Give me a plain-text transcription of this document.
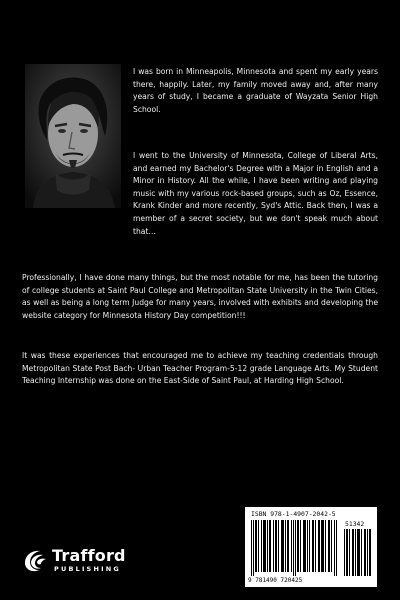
I was born in Minneapolis, Minnesota and spent my early years there, happily. Later, my family moved away and, after many years of study, I became a graduate of Wayzata Senior High School.

I went to the University of Minnesota, College of Liberal Arts, and earned my Bachelor's Degree with a Major in English and a Minor in History. All the while, I have been writing and playing music with my various rock-based groups, such as Oz, Essence, Krank Kinder and more recently, Syd's Attic. Back then, I was a member of a secret society, but we don't speak much about that…

Professionally, I have done many things, but the most notable for me, has been the tutoring of college students at Saint Paul College and Metropolitan State University in the Twin Cities, as well as being a long term Judge for many years, involved with exhibits and developing the website category for Minnesota History Day competition!!!

It was these experiences that encouraged me to achieve my teaching credentials through Metropolitan State Post Bach- Urban Teacher Program-5-12 grade Language Arts. My Student Teaching Internship was done on the East-Side of Saint Paul, at Harding High School.

Trafford
PUBLISHING
ISBN 978-1-4907-2042-5
51342
9 781490 720425
